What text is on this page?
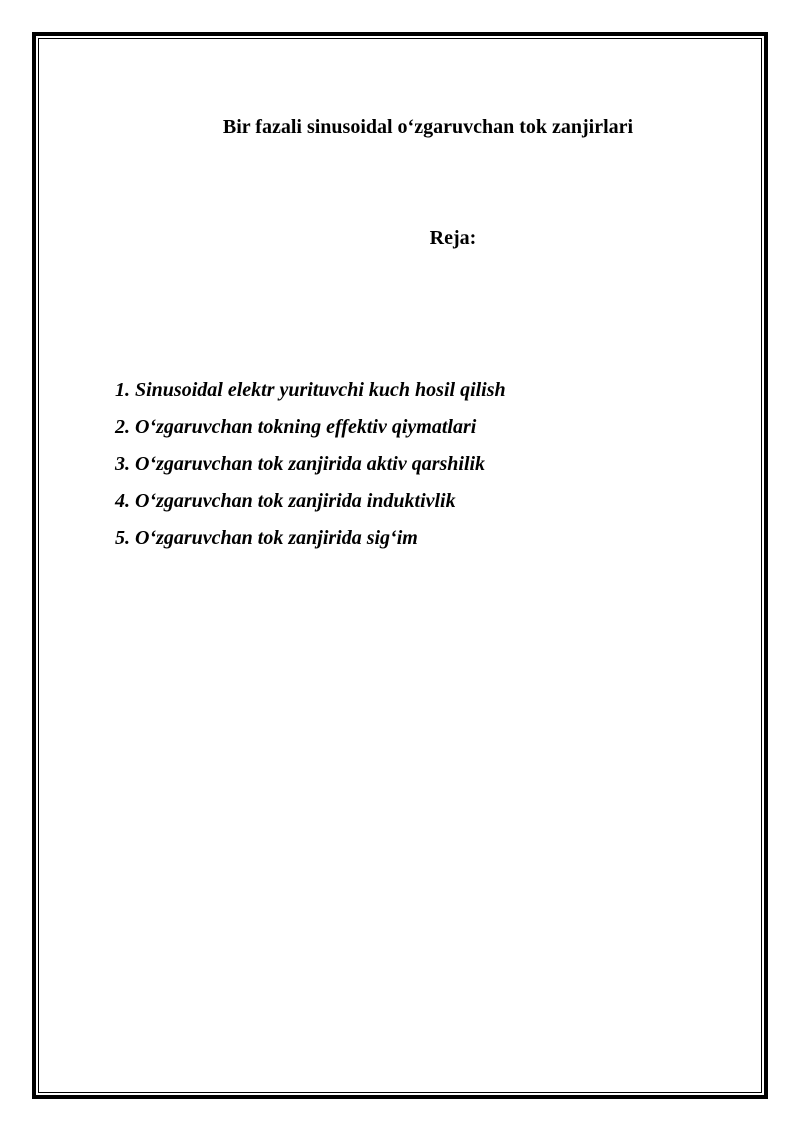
Bir fazali sinusoidal o‘zgaruvchan tok zanjirlari
Reja:
1. Sinusoidal elektr yurituvchi kuch hosil qilish
2. O‘zgaruvchan tokning effektiv qiymatlari
3. O‘zgaruvchan tok zanjirida aktiv qarshilik
4. O‘zgaruvchan tok zanjirida induktivlik
5. O‘zgaruvchan tok zanjirida sig‘im
